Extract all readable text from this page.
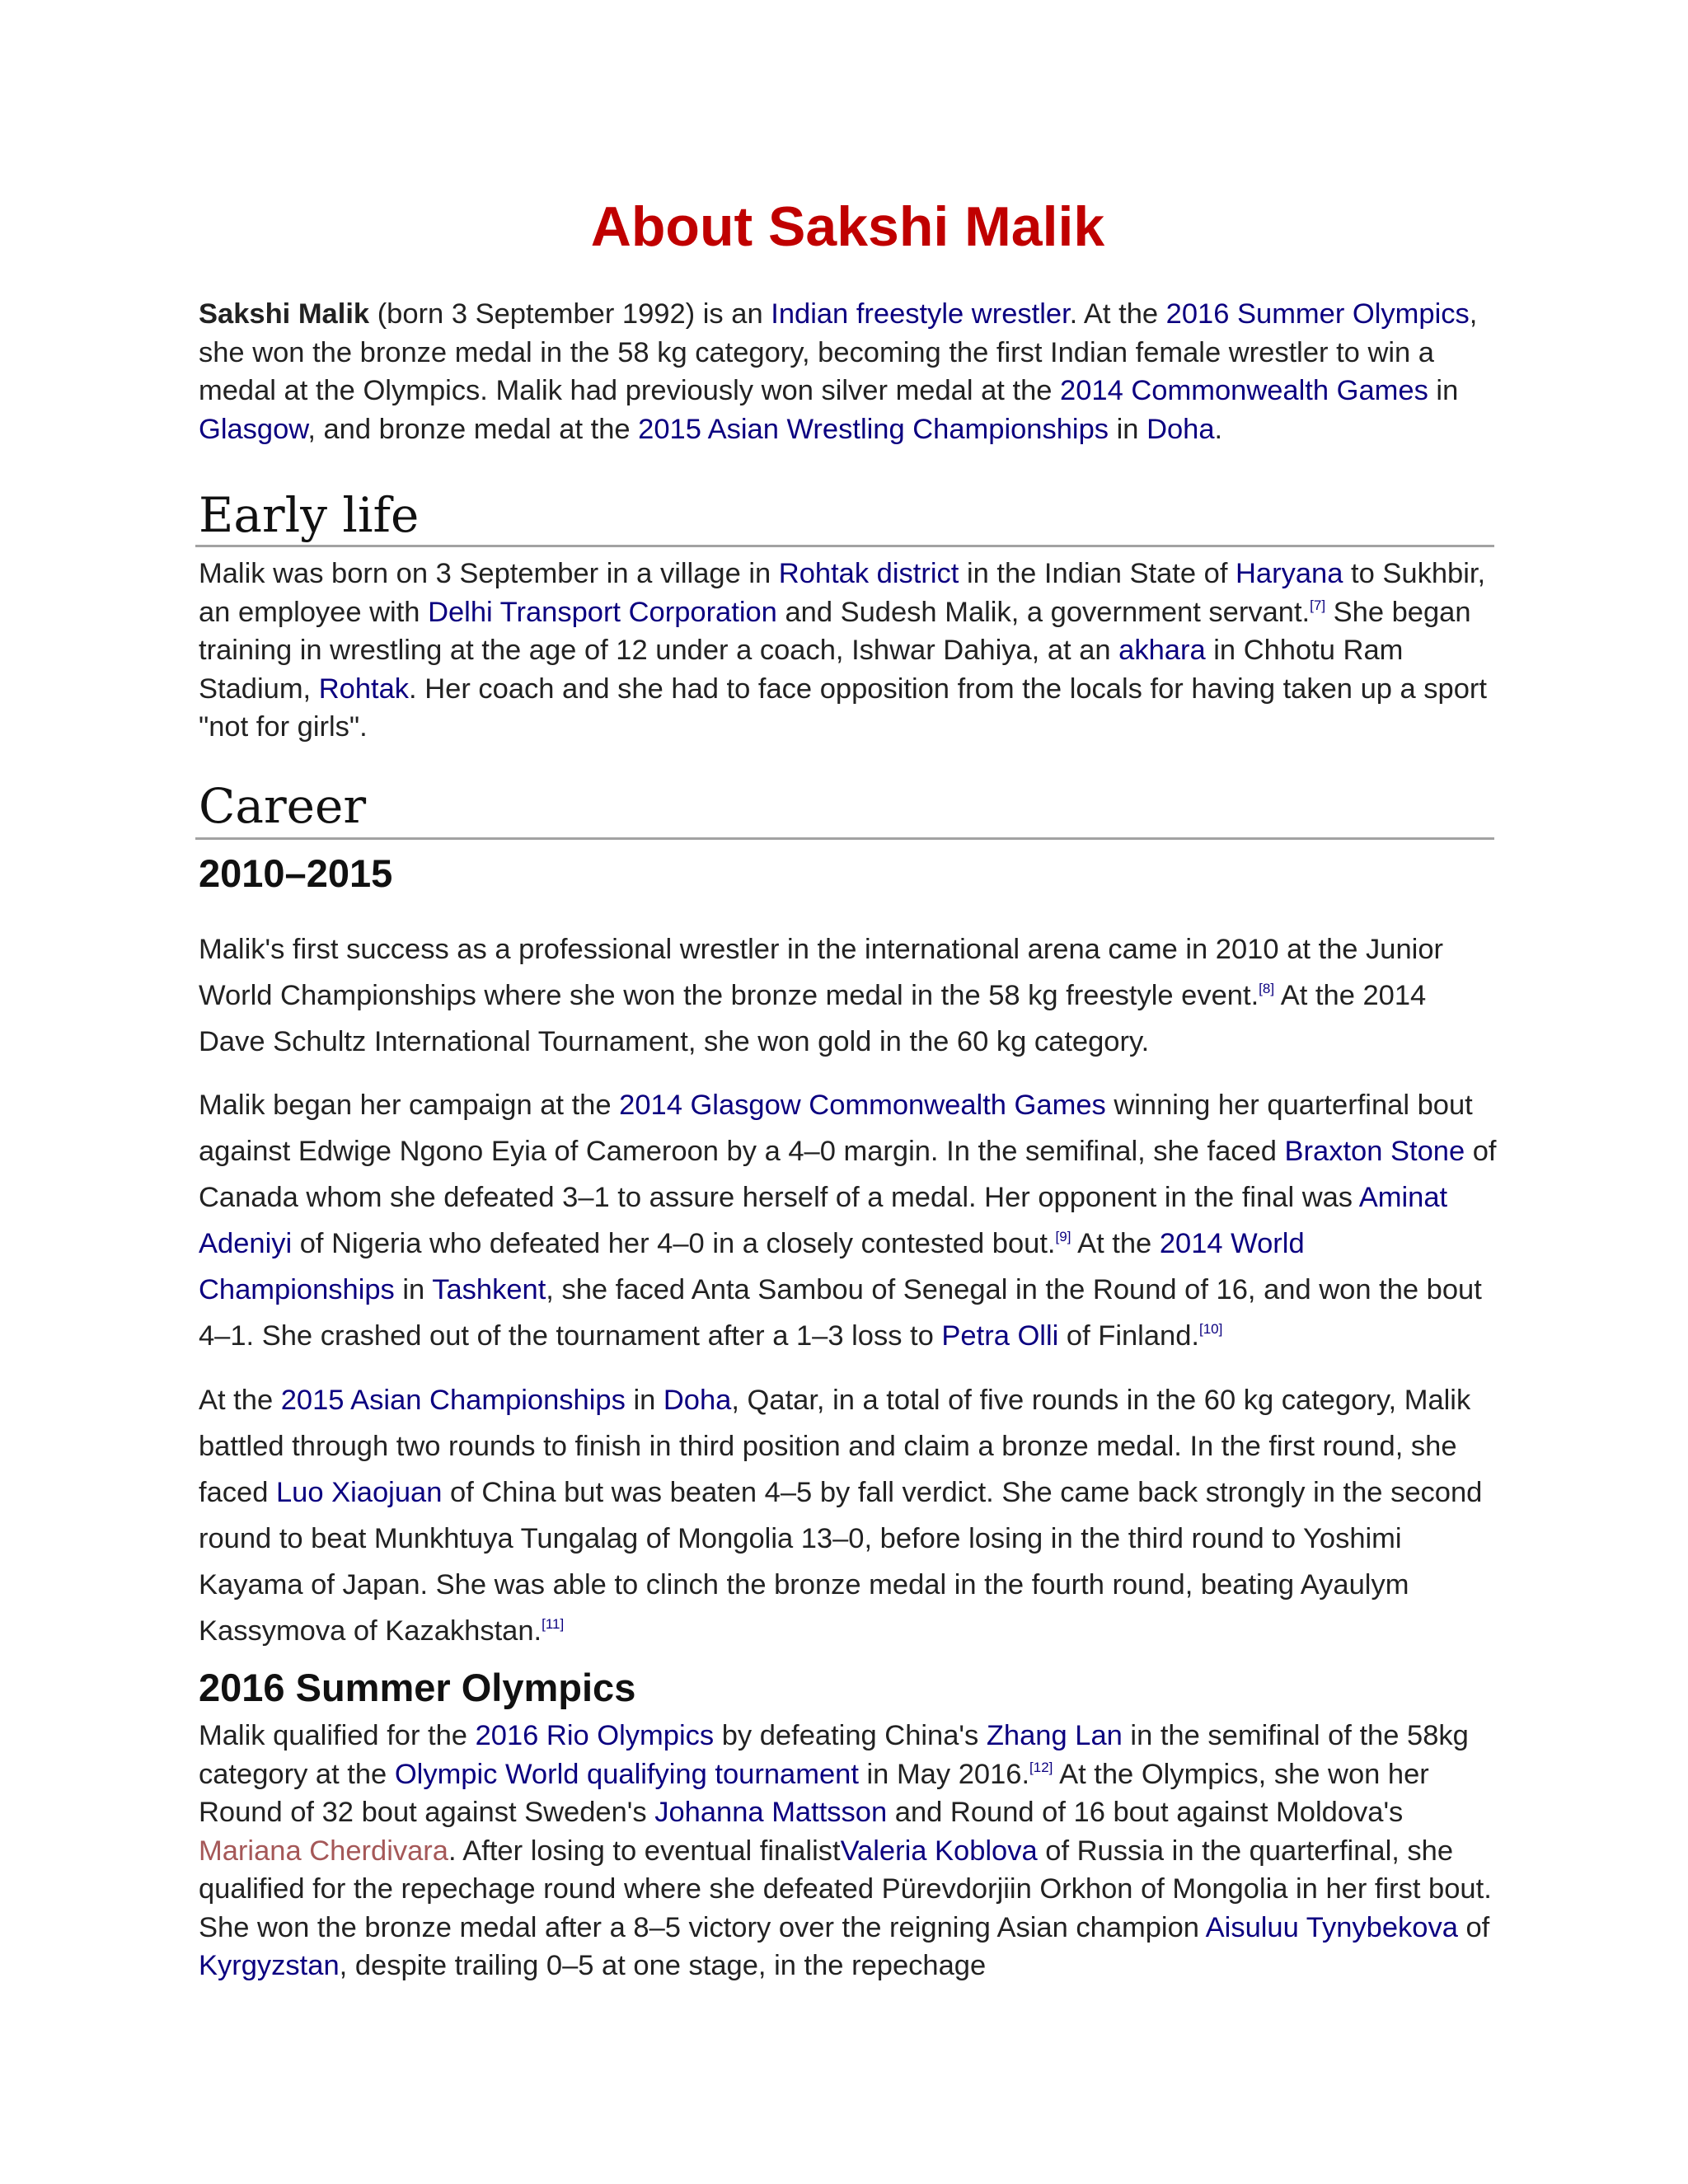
About Sakshi Malik

Sakshi Malik (born 3 September 1992) is an Indian freestyle wrestler. At the 2016 Summer Olympics, she won the bronze medal in the 58 kg category, becoming the first Indian female wrestler to win a medal at the Olympics. Malik had previously won silver medal at the 2014 Commonwealth Games in Glasgow, and bronze medal at the 2015 Asian Wrestling Championships in Doha.

Early life

Malik was born on 3 September in a village in Rohtak district in the Indian State of Haryana to Sukhbir, an employee with Delhi Transport Corporation and Sudesh Malik, a government servant.[7] She began training in wrestling at the age of 12 under a coach, Ishwar Dahiya, at an akhara in Chhotu Ram Stadium, Rohtak. Her coach and she had to face opposition from the locals for having taken up a sport "not for girls".

Career
2010–2015

Malik's first success as a professional wrestler in the international arena came in 2010 at the Junior World Championships where she won the bronze medal in the 58 kg freestyle event.[8] At the 2014 Dave Schultz International Tournament, she won gold in the 60 kg category.

Malik began her campaign at the 2014 Glasgow Commonwealth Games winning her quarterfinal bout against Edwige Ngono Eyia of Cameroon by a 4–0 margin. In the semifinal, she faced Braxton Stone of Canada whom she defeated 3–1 to assure herself of a medal. Her opponent in the final was Aminat Adeniyi of Nigeria who defeated her 4–0 in a closely contested bout.[9] At the 2014 World Championships in Tashkent, she faced Anta Sambou of Senegal in the Round of 16, and won the bout 4–1. She crashed out of the tournament after a 1–3 loss to Petra Olli of Finland.[10]

At the 2015 Asian Championships in Doha, Qatar, in a total of five rounds in the 60 kg category, Malik battled through two rounds to finish in third position and claim a bronze medal. In the first round, she faced Luo Xiaojuan of China but was beaten 4–5 by fall verdict. She came back strongly in the second round to beat Munkhtuya Tungalag of Mongolia 13–0, before losing in the third round to Yoshimi Kayama of Japan. She was able to clinch the bronze medal in the fourth round, beating Ayaulym Kassymova of Kazakhstan.[11]

2016 Summer Olympics

Malik qualified for the 2016 Rio Olympics by defeating China's Zhang Lan in the semifinal of the 58kg category at the Olympic World qualifying tournament in May 2016.[12] At the Olympics, she won her Round of 32 bout against Sweden's Johanna Mattsson and Round of 16 bout against Moldova's Mariana Cherdivara. After losing to eventual finalistValeria Koblova of Russia in the quarterfinal, she qualified for the repechage round where she defeated Pürevdorjiin Orkhon of Mongolia in her first bout. She won the bronze medal after a 8–5 victory over the reigning Asian champion Aisuluu Tynybekova of Kyrgyzstan, despite trailing 0–5 at one stage, in the repechage
